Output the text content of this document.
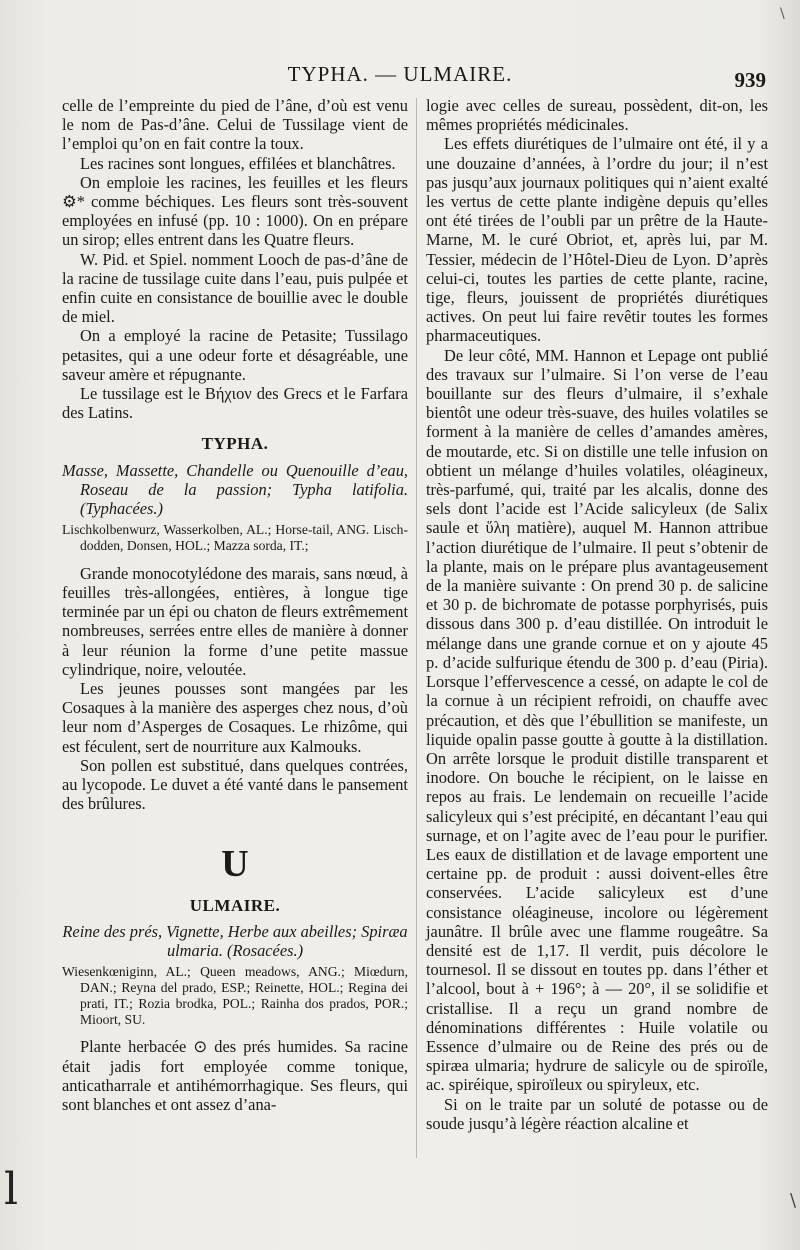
\
TYPHA. — ULMAIRE.	939

celle de l’empreinte du pied de l’âne, d’où est venu le nom de Pas-d’âne. Celui de Tussilage vient de l’emploi qu’on en fait contre la toux.

Les racines sont longues, effilées et blanchâtres.

On emploie les racines, les feuilles et les fleurs ⚙* comme béchiques. Les fleurs sont très-souvent employées en infusé (pp. 10 : 1000). On en prépare un sirop; elles entrent dans les Quatre fleurs.

W. Pid. et Spiel. nomment Looch de pas-d’âne de la racine de tussilage cuite dans l’eau, puis pulpée et enfin cuite en consistance de bouillie avec le double de miel.

On a employé la racine de Petasite; Tussilago petasites, qui a une odeur forte et désagréable, une saveur amère et répugnante.

Le tussilage est le Βήχιον des Grecs et le Farfara des Latins.

TYPHA.

Masse, Massette, Chandelle ou Quenouille d’eau, Roseau de la passion; Typha latifolia. (Typhacées.)

Lischkolbenwurz, Wasserkolben, AL.; Horse-tail, ANG. Lisch-dodden, Donsen, HOL.; Mazza sorda, IT.;

Grande monocotylédone des marais, sans nœud, à feuilles très-allongées, entières, à longue tige terminée par un épi ou chaton de fleurs extrêmement nombreuses, serrées entre elles de manière à donner à leur réunion la forme d’une petite massue cylindrique, noire, veloutée.

Les jeunes pousses sont mangées par les Cosaques à la manière des asperges chez nous, d’où leur nom d’Asperges de Cosaques. Le rhizôme, qui est féculent, sert de nourriture aux Kalmouks.

Son pollen est substitué, dans quelques contrées, au lycopode. Le duvet a été vanté dans le pansement des brûlures.

U
ULMAIRE.

Reine des prés, Vignette, Herbe aux abeilles; Spiræa ulmaria. (Rosacées.)

Wiesenkœniginn, AL.; Queen meadows, ANG.; Miœdurn, DAN.; Reyna del prado, ESP.; Reinette, HOL.; Regina dei prati, IT.; Rozia brodka, POL.; Rainha dos prados, POR.; Mioort, SU.

Plante herbacée ⊙ des prés humides. Sa racine était jadis fort employée comme tonique, anticatharrale et antihémorrhagique. Ses fleurs, qui sont blanches et ont assez d’ana-

logie avec celles de sureau, possèdent, dit-on, les mêmes propriétés médicinales.

Les effets diurétiques de l’ulmaire ont été, il y a une douzaine d’années, à l’ordre du jour; il n’est pas jusqu’aux journaux politiques qui n’aient exalté les vertus de cette plante indigène depuis qu’elles ont été tirées de l’oubli par un prêtre de la Haute-Marne, M. le curé Obriot, et, après lui, par M. Tessier, médecin de l’Hôtel-Dieu de Lyon. D’après celui-ci, toutes les parties de cette plante, racine, tige, fleurs, jouissent de propriétés diurétiques actives. On peut lui faire revêtir toutes les formes pharmaceutiques.

De leur côté, MM. Hannon et Lepage ont publié des travaux sur l’ulmaire. Si l’on verse de l’eau bouillante sur des fleurs d’ulmaire, il s’exhale bientôt une odeur très-suave, des huiles volatiles se forment à la manière de celles d’amandes amères, de moutarde, etc. Si on distille une telle infusion on obtient un mélange d’huiles volatiles, oléagineux, très-parfumé, qui, traité par les alcalis, donne des sels dont l’acide est l’Acide salicyleux (de Salix saule et ὕλη matière), auquel M. Hannon attribue l’action diurétique de l’ulmaire. Il peut s’obtenir de la plante, mais on le prépare plus avantageusement de la manière suivante : On prend 30 p. de salicine et 30 p. de bichromate de potasse porphyrisés, puis dissous dans 300 p. d’eau distillée. On introduit le mélange dans une grande cornue et on y ajoute 45 p. d’acide sulfurique étendu de 300 p. d’eau (Piria). Lorsque l’effervescence a cessé, on adapte le col de la cornue à un récipient refroidi, on chauffe avec précaution, et dès que l’ébullition se manifeste, un liquide opalin passe goutte à goutte à la distillation. On arrête lorsque le produit distille transparent et inodore. On bouche le récipient, on le laisse en repos au frais. Le lendemain on recueille l’acide salicyleux qui s’est précipité, en décantant l’eau qui surnage, et on l’agite avec de l’eau pour le purifier. Les eaux de distillation et de lavage emportent une certaine pp. de produit : aussi doivent-elles être conservées. L’acide salicyleux est d’une consistance oléagineuse, incolore ou légèrement jaunâtre. Il brûle avec une flamme rougeâtre. Sa densité est de 1,17. Il verdit, puis décolore le tournesol. Il se dissout en toutes pp. dans l’éther et l’alcool, bout à + 196°; à — 20°, il se solidifie et cristallise. Il a reçu un grand nombre de dénominations différentes : Huile volatile ou Essence d’ulmaire ou de Reine des prés ou de spiræa ulmaria; hydrure de salicyle ou de spiroïle, ac. spiréique, spiroïleux ou spiryleux, etc.

Si on le traite par un soluté de potasse ou de soude jusqu’à légère réaction alcaline et

l	\
